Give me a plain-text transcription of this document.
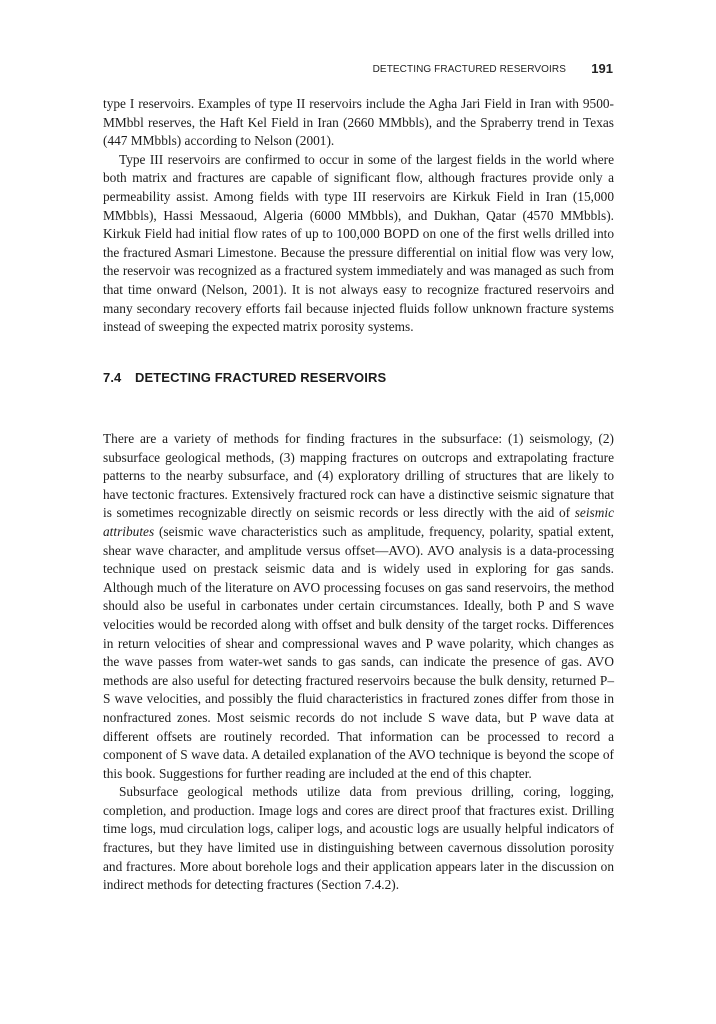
DETECTING FRACTURED RESERVOIRS 191

type I reservoirs. Examples of type II reservoirs include the Agha Jari Field in Iran with 9500-MMbbl reserves, the Haft Kel Field in Iran (2660 MMbbls), and the Spraberry trend in Texas (447 MMbbls) according to Nelson (2001).

Type III reservoirs are confirmed to occur in some of the largest fields in the world where both matrix and fractures are capable of significant flow, although fractures provide only a permeability assist. Among fields with type III reservoirs are Kirkuk Field in Iran (15,000 MMbbls), Hassi Messaoud, Algeria (6000 MMbbls), and Dukhan, Qatar (4570 MMbbls). Kirkuk Field had initial flow rates of up to 100,000 BOPD on one of the first wells drilled into the fractured Asmari Limestone. Because the pressure differential on initial flow was very low, the reservoir was recognized as a fractured system immediately and was managed as such from that time onward (Nelson, 2001). It is not always easy to recognize fractured reservoirs and many secondary recovery efforts fail because injected fluids follow unknown fracture systems instead of sweeping the expected matrix porosity systems.

7.4 DETECTING FRACTURED RESERVOIRS

There are a variety of methods for finding fractures in the subsurface: (1) seismology, (2) subsurface geological methods, (3) mapping fractures on outcrops and extrapolating fracture patterns to the nearby subsurface, and (4) exploratory drilling of structures that are likely to have tectonic fractures. Extensively fractured rock can have a distinctive seismic signature that is sometimes recognizable directly on seismic records or less directly with the aid of seismic attributes (seismic wave characteristics such as amplitude, frequency, polarity, spatial extent, shear wave character, and amplitude versus offset—AVO). AVO analysis is a data-processing technique used on prestack seismic data and is widely used in exploring for gas sands. Although much of the literature on AVO processing focuses on gas sand reservoirs, the method should also be useful in carbonates under certain circumstances. Ideally, both P and S wave velocities would be recorded along with offset and bulk density of the target rocks. Differences in return velocities of shear and compressional waves and P wave polarity, which changes as the wave passes from water-wet sands to gas sands, can indicate the presence of gas. AVO methods are also useful for detecting fractured reservoirs because the bulk density, returned P–S wave velocities, and possibly the fluid characteristics in fractured zones differ from those in nonfractured zones. Most seismic records do not include S wave data, but P wave data at different offsets are routinely recorded. That information can be processed to record a component of S wave data. A detailed explanation of the AVO technique is beyond the scope of this book. Suggestions for further reading are included at the end of this chapter.

Subsurface geological methods utilize data from previous drilling, coring, logging, completion, and production. Image logs and cores are direct proof that fractures exist. Drilling time logs, mud circulation logs, caliper logs, and acoustic logs are usually helpful indicators of fractures, but they have limited use in distinguishing between cavernous dissolution porosity and fractures. More about borehole logs and their application appears later in the discussion on indirect methods for detecting fractures (Section 7.4.2).
